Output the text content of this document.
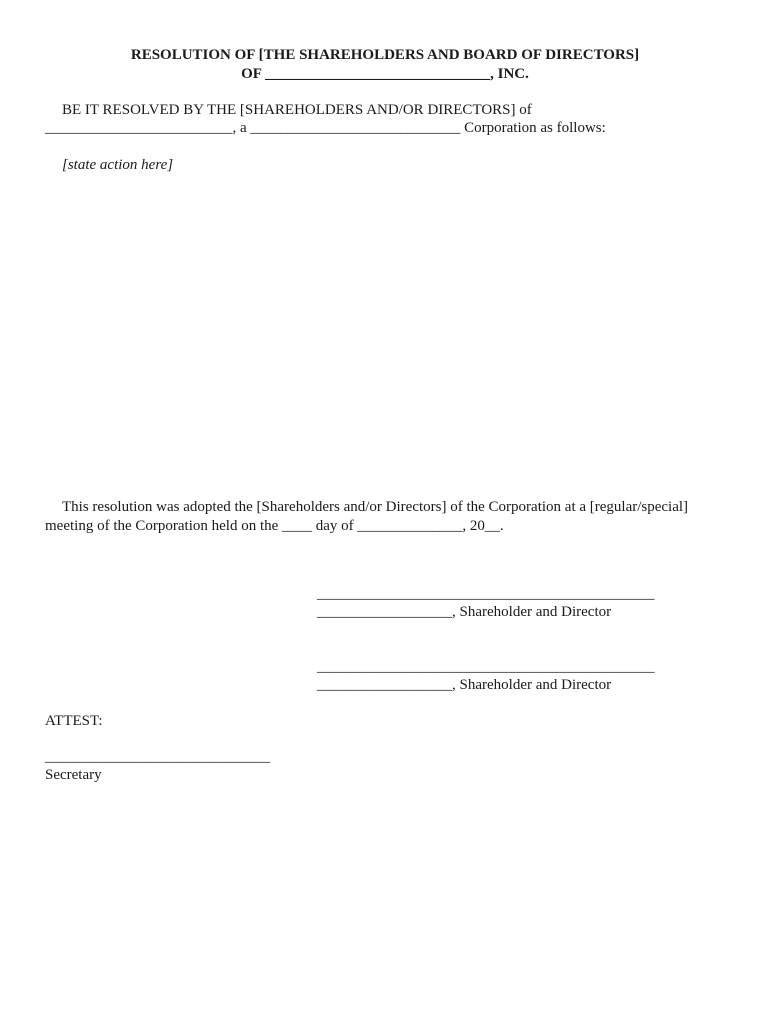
RESOLUTION OF [THE SHAREHOLDERS AND BOARD OF DIRECTORS]
OF ______________________________, INC.
BE IT RESOLVED BY THE [SHAREHOLDERS AND/OR DIRECTORS] of
_________________________, a ____________________________ Corporation as follows:
[state action here]
This resolution was adopted the [Shareholders and/or Directors] of the Corporation at a [regular/special]
meeting of the Corporation held on the ____ day of ______________, 20__.
_____________________________________________
__________________, Shareholder and Director
_____________________________________________
__________________, Shareholder and Director
ATTEST:
______________________________
Secretary
